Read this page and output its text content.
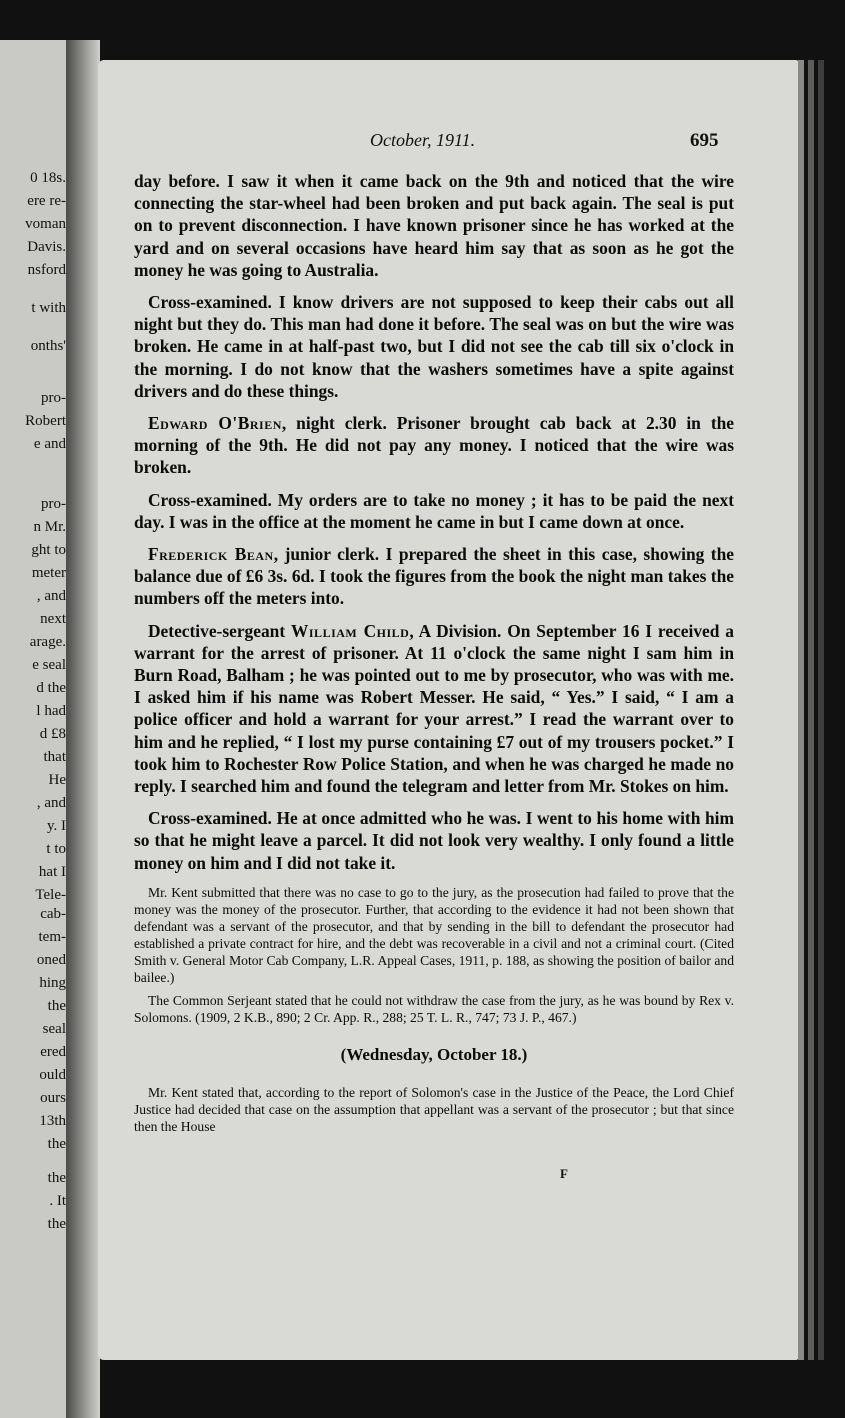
0 18s.
ere re-
voman
Davis.
nsford
t with
onths'
pro-
Robert
e and
pro-
n Mr.
ght to
meter
, and
next
arage.
e seal
d the
l had
d £8
that
He
, and
y. I
t to
hat I
Tele-
cab-
tem-
oned
hing
the
seal
ered
ould
ours
13th
the
the
. It
the
October, 1911.	695

day before. I saw it when it came back on the 9th and noticed that the wire connecting the star-wheel had been broken and put back again. The seal is put on to prevent disconnection. I have known prisoner since he has worked at the yard and on several occasions have heard him say that as soon as he got the money he was going to Australia.

Cross-examined. I know drivers are not supposed to keep their cabs out all night but they do. This man had done it before. The seal was on but the wire was broken. He came in at half-past two, but I did not see the cab till six o'clock in the morning. I do not know that the washers sometimes have a spite against drivers and do these things.

Edward O'Brien, night clerk. Prisoner brought cab back at 2.30 in the morning of the 9th. He did not pay any money. I noticed that the wire was broken.

Cross-examined. My orders are to take no money ; it has to be paid the next day. I was in the office at the moment he came in but I came down at once.

Frederick Bean, junior clerk. I prepared the sheet in this case, showing the balance due of £6 3s. 6d. I took the figures from the book the night man takes the numbers off the meters into.

Detective-sergeant William Child, A Division. On September 16 I received a warrant for the arrest of prisoner. At 11 o'clock the same night I sam him in Burn Road, Balham ; he was pointed out to me by prosecutor, who was with me. I asked him if his name was Robert Messer. He said, “ Yes.” I said, “ I am a police officer and hold a warrant for your arrest.” I read the warrant over to him and he replied, “ I lost my purse containing £7 out of my trousers pocket.” I took him to Rochester Row Police Station, and when he was charged he made no reply. I searched him and found the telegram and letter from Mr. Stokes on him.

Cross-examined. He at once admitted who he was. I went to his home with him so that he might leave a parcel. It did not look very wealthy. I only found a little money on him and I did not take it.

Mr. Kent submitted that there was no case to go to the jury, as the prosecution had failed to prove that the money was the money of the prosecutor. Further, that according to the evidence it had not been shown that defendant was a servant of the prosecutor, and that by sending in the bill to defendant the prosecutor had established a private contract for hire, and the debt was recoverable in a civil and not a criminal court. (Cited Smith v. General Motor Cab Company, L.R. Appeal Cases, 1911, p. 188, as showing the position of bailor and bailee.)

The Common Serjeant stated that he could not withdraw the case from the jury, as he was bound by Rex v. Solomons. (1909, 2 K.B., 890; 2 Cr. App. R., 288; 25 T. L. R., 747; 73 J. P., 467.)

(Wednesday, October 18.)

Mr. Kent stated that, according to the report of Solomon's case in the Justice of the Peace, the Lord Chief Justice had decided that case on the assumption that appellant was a servant of the prosecutor ; but that since then the House

F
